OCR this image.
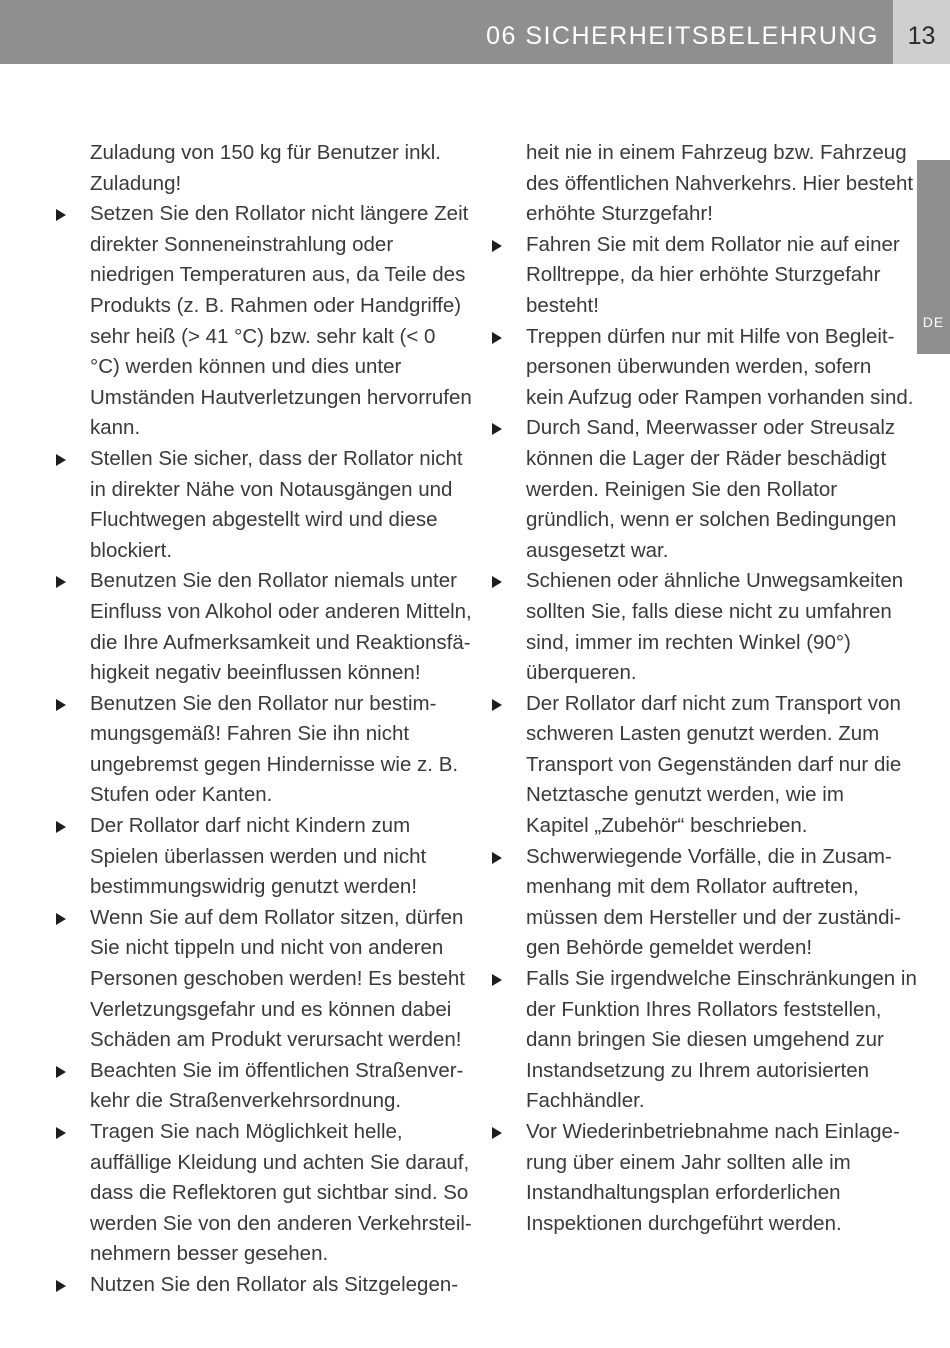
06 SICHERHEITSBELEHRUNG	13
DE
Zuladung von 150 kg für Benutzer inkl.
Zuladung!
Setzen Sie den Rollator nicht längere Zeit
direkter Sonneneinstrahlung oder
niedrigen Temperaturen aus, da Teile des
Produkts (z. B. Rahmen oder Handgriffe)
sehr heiß (> 41 °C) bzw. sehr kalt (< 0
°C) werden können und dies unter
Umständen Hautverletzungen hervorrufen
kann.
Stellen Sie sicher, dass der Rollator nicht
in direkter Nähe von Notausgängen und
Fluchtwegen abgestellt wird und diese
blockiert.
Benutzen Sie den Rollator niemals unter
Einfluss von Alkohol oder anderen Mitteln,
die Ihre Aufmerksamkeit und Reaktionsfä-
higkeit negativ beeinflussen können!
Benutzen Sie den Rollator nur bestim-
mungsgemäß! Fahren Sie ihn nicht
ungebremst gegen Hindernisse wie z. B.
Stufen oder Kanten.
Der Rollator darf nicht Kindern zum
Spielen überlassen werden und nicht
bestimmungswidrig genutzt werden!
Wenn Sie auf dem Rollator sitzen, dürfen
Sie nicht tippeln und nicht von anderen
Personen geschoben werden! Es besteht
Verletzungsgefahr und es können dabei
Schäden am Produkt verursacht werden!
Beachten Sie im öffentlichen Straßenver-
kehr die Straßenverkehrsordnung.
Tragen Sie nach Möglichkeit helle,
auffällige Kleidung und achten Sie darauf,
dass die Reflektoren gut sichtbar sind. So
werden Sie von den anderen Verkehrsteil-
nehmern besser gesehen.
Nutzen Sie den Rollator als Sitzgelegen-
heit nie in einem Fahrzeug bzw. Fahrzeug
des öffentlichen Nahverkehrs. Hier besteht
erhöhte Sturzgefahr!
Fahren Sie mit dem Rollator nie auf einer
Rolltreppe, da hier erhöhte Sturzgefahr
besteht!
Treppen dürfen nur mit Hilfe von Begleit-
personen überwunden werden, sofern
kein Aufzug oder Rampen vorhanden sind.
Durch Sand, Meerwasser oder Streusalz
können die Lager der Räder beschädigt
werden. Reinigen Sie den Rollator
gründlich, wenn er solchen Bedingungen
ausgesetzt war.
Schienen oder ähnliche Unwegsamkeiten
sollten Sie, falls diese nicht zu umfahren
sind, immer im rechten Winkel (90°)
überqueren.
Der Rollator darf nicht zum Transport von
schweren Lasten genutzt werden. Zum
Transport von Gegenständen darf nur die
Netztasche genutzt werden, wie im
Kapitel „Zubehör“ beschrieben.
Schwerwiegende Vorfälle, die in Zusam-
menhang mit dem Rollator auftreten,
müssen dem Hersteller und der zuständi-
gen Behörde gemeldet werden!
Falls Sie irgendwelche Einschränkungen in
der Funktion Ihres Rollators feststellen,
dann bringen Sie diesen umgehend zur
Instandsetzung zu Ihrem autorisierten
Fachhändler.
Vor Wiederinbetriebnahme nach Einlage-
rung über einem Jahr sollten alle im
Instandhaltungsplan erforderlichen
Inspektionen durchgeführt werden.
